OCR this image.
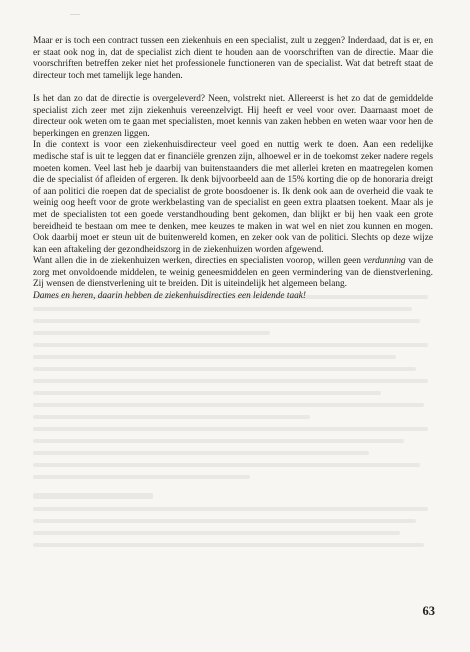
Maar er is toch een contract tussen een ziekenhuis en een specialist, zult u zeggen? Inderdaad, dat is er, en er staat ook nog in, dat de specialist zich dient te houden aan de voorschriften van de directie. Maar die voorschriften betreffen zeker niet het professionele functioneren van de specialist. Wat dat betreft staat de directeur toch met tamelijk lege handen.

Is het dan zo dat de directie is overgeleverd? Neen, volstrekt niet. Allereerst is het zo dat de gemiddelde specialist zich zeer met zijn ziekenhuis vereenzelvigt. Hij heeft er veel voor over. Daarnaast moet de directeur ook weten om te gaan met specialisten, moet kennis van zaken hebben en weten waar voor hen de beperkingen en grenzen liggen.

In die context is voor een ziekenhuisdirecteur veel goed en nuttig werk te doen. Aan een redelijke medische staf is uit te leggen dat er financiële grenzen zijn, alhoewel er in de toekomst zeker nadere regels moeten komen. Veel last heb je daarbij van buitenstaanders die met allerlei kreten en maatregelen komen die de specialist óf afleiden of ergeren. Ik denk bijvoorbeeld aan de 15% korting die op de honoraria dreigt of aan politici die roepen dat de specialist de grote boosdoener is. Ik denk ook aan de overheid die vaak te weinig oog heeft voor de grote werkbelasting van de specialist en geen extra plaatsen toekent. Maar als je met de specialisten tot een goede verstandhouding bent gekomen, dan blijkt er bij hen vaak een grote bereidheid te bestaan om mee te denken, mee keuzes te maken in wat wel en niet zou kunnen en mogen. Ook daarbij moet er steun uit de buitenwereld komen, en zeker ook van de politici. Slechts op deze wijze kan een aftakeling der gezondheidszorg in de ziekenhuizen worden afgewend.

Want allen die in de ziekenhuizen werken, directies en specialisten voorop, willen geen verdunning van de zorg met onvoldoende middelen, te weinig geneesmiddelen en geen vermindering van de dienstverlening. Zij wensen de dienstverlening uit te breiden. Dit is uiteindelijk het algemeen belang.

Dames en heren, daarin hebben de ziekenhuisdirecties een leidende taak!

63
